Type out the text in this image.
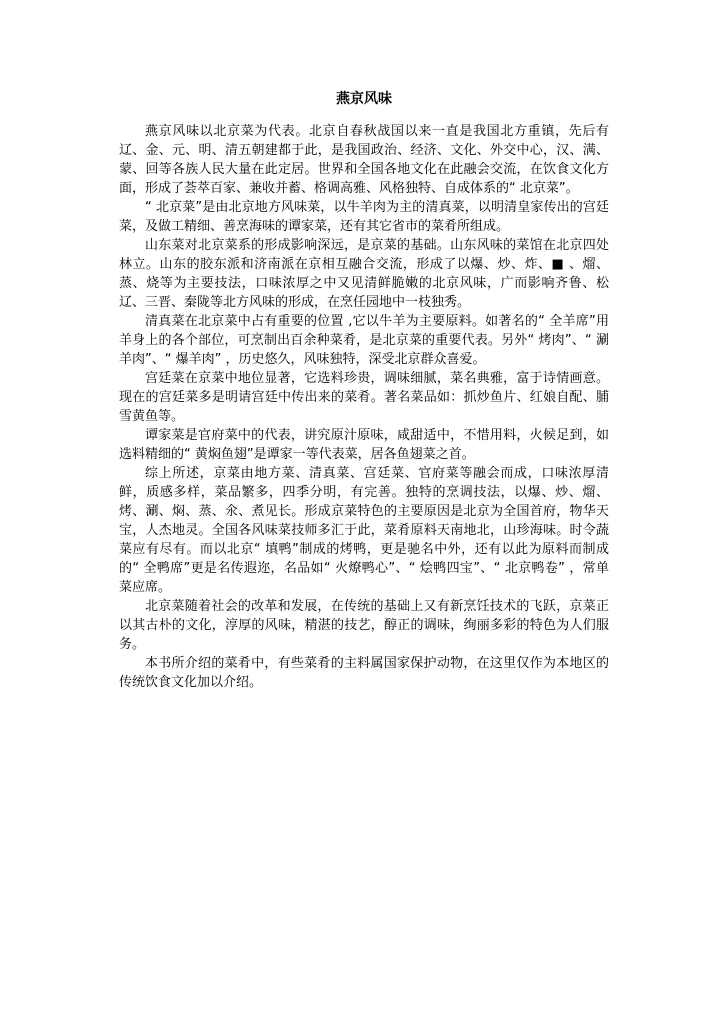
燕京风味

燕京风味以北京菜为代表。北京自春秋战国以来一直是我国北方重镇，先后有辽、金、元、明、清五朝建都于此，是我国政治、经济、文化、外交中心，汉、满、蒙、回等各族人民大量在此定居。世界和全国各地文化在此融会交流，在饮食文化方面，形成了荟萃百家、兼收并蓄、格调高雅、风格独特、自成体系的“ 北京菜”。

“ 北京菜”是由北京地方风味菜，以牛羊肉为主的清真菜，以明清皇家传出的宫廷菜，及做工精细、善烹海味的谭家菜，还有其它省市的菜肴所组成。

山东菜对北京菜系的形成影响深远，是京菜的基础。山东风味的菜馆在北京四处林立。山东的胶东派和济南派在京相互融合交流，形成了以爆、炒、炸、■ 、熘、蒸、烧等为主要技法，口味浓厚之中又见清鲜脆嫩的北京风味，广而影响齐鲁、松辽、三晋、秦陇等北方风味的形成，在烹任园地中一枝独秀。

清真菜在北京菜中占有重要的位置 ,它以牛羊为主要原料。如著名的“ 全羊席”用羊身上的各个部位，可烹制出百余种菜肴，是北京菜的重要代表。另外“ 烤肉”、“ 涮羊肉”、“ 爆羊肉” ，历史悠久，风味独特，深受北京群众喜爱。

宫廷菜在京菜中地位显著，它选料珍贵，调味细腻，菜名典雅，富于诗情画意。现在的宫廷菜多是明请宫廷中传出来的菜肴。著名菜品如：抓炒鱼片、红娘自配、脯雪黄鱼等。

谭家菜是官府菜中的代表，讲究原汁原味，咸甜适中，不惜用料，火候足到，如选料精细的“ 黄焖鱼翅”是谭家一等代表菜，居各鱼翅菜之首。

综上所述，京菜由地方菜、清真菜、宫廷菜、官府菜等融会而成，口味浓厚清鲜，质感多样，菜品繁多，四季分明，有完善。独特的烹调技法，以爆、炒、熘、烤、涮、焖、蒸、氽、煮见长。形成京菜特色的主要原因是北京为全国首府，物华天宝，人杰地灵。全国各风味菜技师多汇于此，菜肴原料天南地北，山珍海味。时令蔬菜应有尽有。而以北京“ 填鸭”制成的烤鸭，更是驰名中外，还有以此为原料而制成的“ 全鸭席”更是名传遐迩，名品如“ 火燎鸭心”、“ 烩鸭四宝”、“ 北京鸭卷” ，常单菜应席。

北京菜随着社会的改革和发展，在传统的基础上又有新烹饪技术的飞跃，京菜正以其古朴的文化，淳厚的风味，精湛的技艺，醇正的调味，绚丽多彩的特色为人们服务。

本书所介绍的菜肴中，有些菜肴的主料属国家保护动物，在这里仅作为本地区的传统饮食文化加以介绍。
